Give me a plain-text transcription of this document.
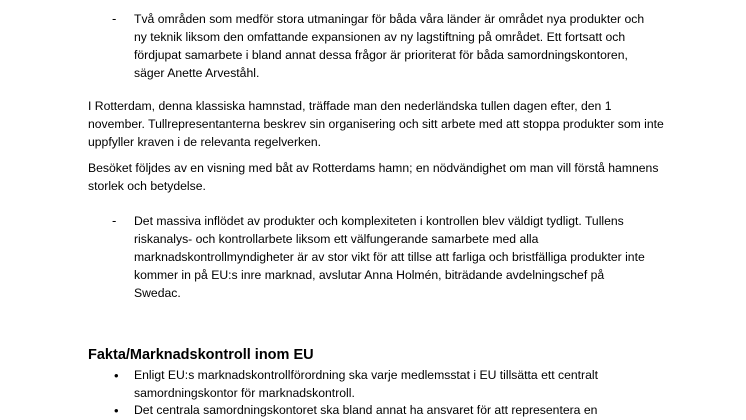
- Två områden som medför stora utmaningar för båda våra länder är området nya produkter och ny teknik liksom den omfattande expansionen av ny lagstiftning på området. Ett fortsatt och fördjupat samarbete i bland annat dessa frågor är prioriterat för båda samordningskontoren, säger Anette Arveståhl.
I Rotterdam, denna klassiska hamnstad, träffade man den nederländska tullen dagen efter, den 1 november. Tullrepresentanterna beskrev sin organisering och sitt arbete med att stoppa produkter som inte uppfyller kraven i de relevanta regelverken.
Besöket följdes av en visning med båt av Rotterdams hamn; en nödvändighet om man vill förstå hamnens storlek och betydelse.
- Det massiva inflödet av produkter och komplexiteten i kontrollen blev väldigt tydligt. Tullens riskanalys- och kontrollarbete liksom ett välfungerande samarbete med alla marknadskontrollmyndigheter är av stor vikt för att tillse att farliga och bristfälliga produkter inte kommer in på EU:s inre marknad, avslutar Anna Holmén, biträdande avdelningschef på Swedac.
Fakta/Marknadskontroll inom EU
• Enligt EU:s marknadskontrollförordning ska varje medlemsstat i EU tillsätta ett centralt samordningskontor för marknadskontroll.
• Det centrala samordningskontoret ska bland annat ha ansvaret för att representera en
